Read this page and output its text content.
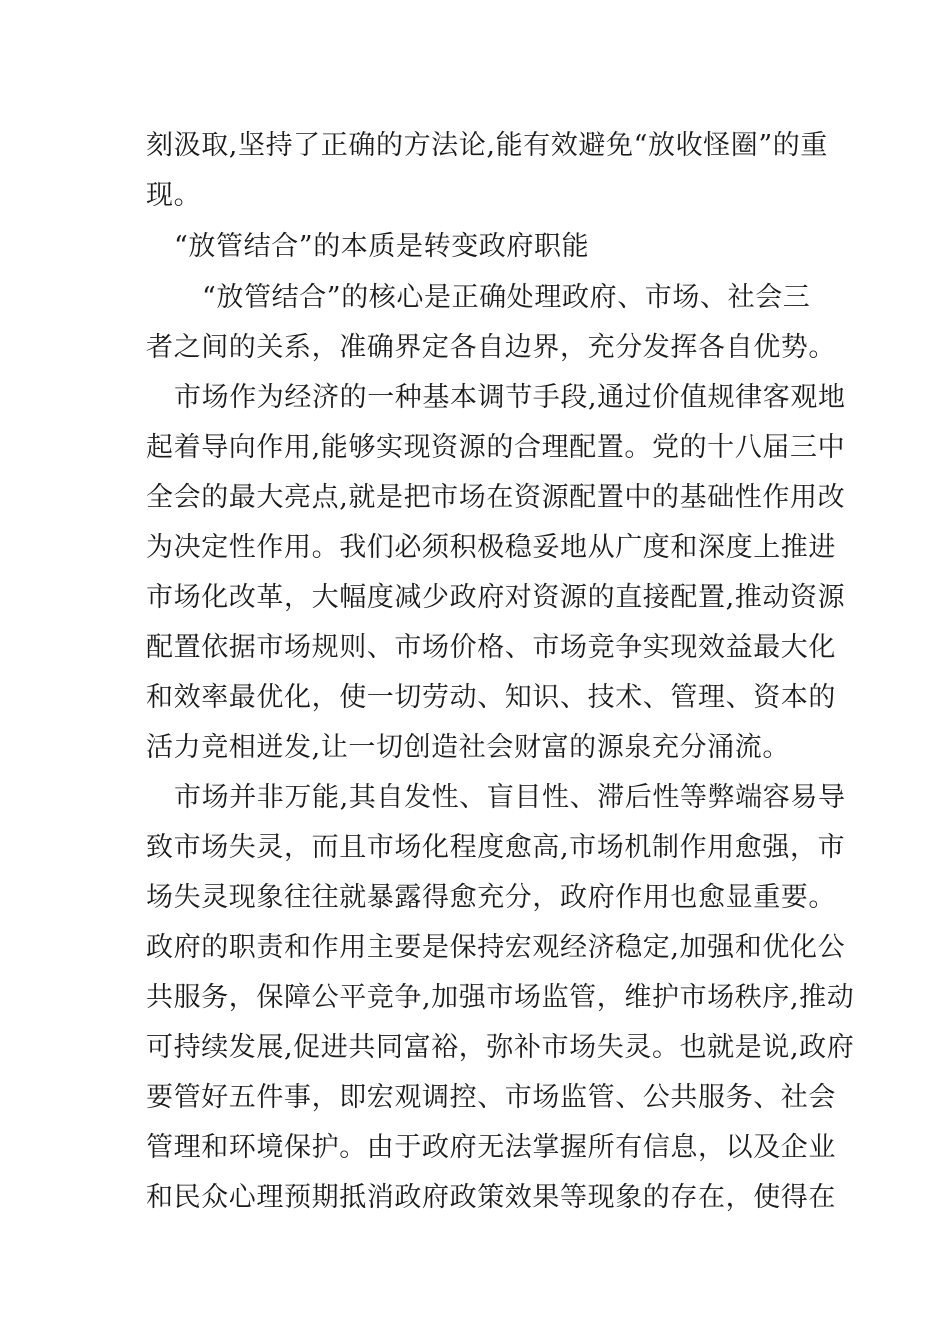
刻汲取,坚持了正确的方法论,能有效避免“放收怪圈”的重
现。
“放管结合”的本质是转变政府职能
“放管结合”的核心是正确处理政府、市场、社会三
者之间的关系，准确界定各自边界，充分发挥各自优势。
市场作为经济的一种基本调节手段,通过价值规律客观地
起着导向作用,能够实现资源的合理配置。党的十八届三中
全会的最大亮点,就是把市场在资源配置中的基础性作用改
为决定性作用。我们必须积极稳妥地从广度和深度上推进
市场化改革，大幅度减少政府对资源的直接配置,推动资源
配置依据市场规则、市场价格、市场竞争实现效益最大化
和效率最优化，使一切劳动、知识、技术、管理、资本的
活力竞相迸发,让一切创造社会财富的源泉充分涌流。
市场并非万能,其自发性、盲目性、滞后性等弊端容易导
致市场失灵，而且市场化程度愈高,市场机制作用愈强，市
场失灵现象往往就暴露得愈充分，政府作用也愈显重要。
政府的职责和作用主要是保持宏观经济稳定,加强和优化公
共服务，保障公平竞争,加强市场监管，维护市场秩序,推动
可持续发展,促进共同富裕，弥补市场失灵。也就是说,政府
要管好五件事，即宏观调控、市场监管、公共服务、社会
管理和环境保护。由于政府无法掌握所有信息，以及企业
和民众心理预期抵消政府政策效果等现象的存在，使得在
